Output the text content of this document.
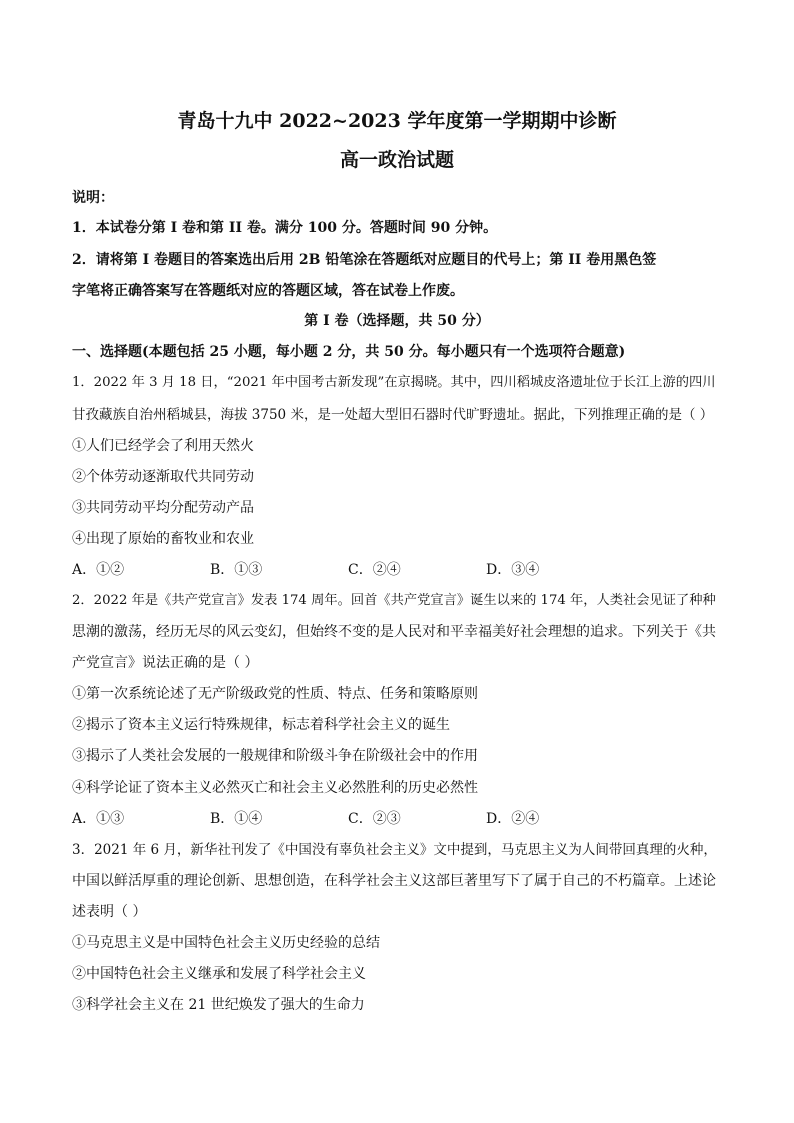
青岛十九中 2022~2023 学年度第一学期期中诊断
高一政治试题
说明：
1．本试卷分第 I 卷和第 II 卷。满分 100 分。答题时间 90 分钟。
2．请将第 I 卷题目的答案选出后用 2B 铅笔涂在答题纸对应题目的代号上；第 II 卷用黑色签
字笔将正确答案写在答题纸对应的答题区域，答在试卷上作废。
第 I 卷（选择题，共 50 分）
一、选择题(本题包括 25 小题，每小题 2 分，共 50 分。每小题只有一个选项符合题意)
1．2022 年 3 月 18 日，“2021 年中国考古新发现”在京揭晓。其中，四川稻城皮洛遗址位于长江上游的四川
甘孜藏族自治州稻城县，海拔 3750 米，是一处超大型旧石器时代旷野遗址。据此，下列推理正确的是（ ）
①人们已经学会了利用天然火
②个体劳动逐渐取代共同劳动
③共同劳动平均分配劳动产品
④出现了原始的畜牧业和农业
A．①②	B．①③	C．②④	D．③④
2．2022 年是《共产党宣言》发表 174 周年。回首《共产党宣言》诞生以来的 174 年，人类社会见证了种种
思潮的激荡，经历无尽的风云变幻，但始终不变的是人民对和平幸福美好社会理想的追求。下列关于《共
产党宣言》说法正确的是（ ）
①第一次系统论述了无产阶级政党的性质、特点、任务和策略原则
②揭示了资本主义运行特殊规律，标志着科学社会主义的诞生
③揭示了人类社会发展的一般规律和阶级斗争在阶级社会中的作用
④科学论证了资本主义必然灭亡和社会主义必然胜利的历史必然性
A．①③	B．①④	C．②③	D．②④
3．2021 年 6 月，新华社刊发了《中国没有辜负社会主义》文中提到，马克思主义为人间带回真理的火种，
中国以鲜活厚重的理论创新、思想创造，在科学社会主义这部巨著里写下了属于自己的不朽篇章。上述论
述表明（ ）
①马克思主义是中国特色社会主义历史经验的总结
②中国特色社会主义继承和发展了科学社会主义
③科学社会主义在 21 世纪焕发了强大的生命力
